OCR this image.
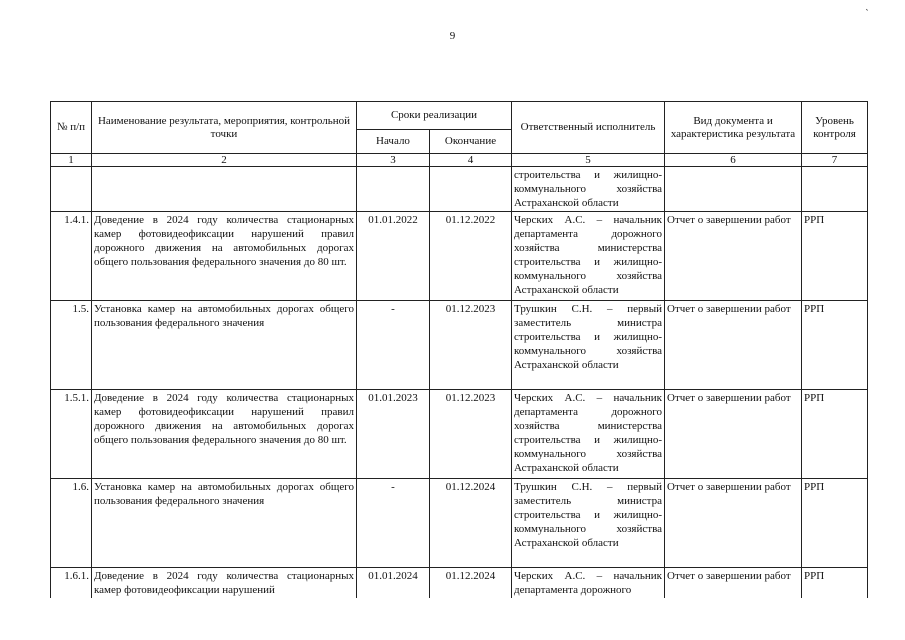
9
`
№ п/п	Наименование результата, мероприятия, контрольной точки	Сроки реализации		Ответственный исполнитель	Вид документа и характеристика результата	Уровень контроля
		Начало	Окончание			
1	2	3	4	5	6	7
				строительства и жилищно-коммунального хозяйства Астраханской области		
1.4.1.	Доведение в 2024 году количества стационарных камер фотовидеофиксации нарушений правил дорожного движения на автомобильных дорогах общего пользования федерального значения до 80 шт.	01.01.2022	01.12.2022	Черских А.С. – начальник департамента дорожного хозяйства министерства строительства и жилищно-коммунального хозяйства Астраханской области	Отчет о завершении работ	РРП
1.5.	Установка камер на автомобильных дорогах общего пользования федерального значения	-	01.12.2023	Трушкин С.Н. – первый заместитель министра строительства и жилищно-коммунального хозяйства Астраханской области	Отчет о завершении работ	РРП
1.5.1.	Доведение в 2024 году количества стационарных камер фотовидеофиксации нарушений правил дорожного движения на автомобильных дорогах общего пользования федерального значения до 80 шт.	01.01.2023	01.12.2023	Черских А.С. – начальник департамента дорожного хозяйства министерства строительства и жилищно-коммунального хозяйства Астраханской области	Отчет о завершении работ	РРП
1.6.	Установка камер на автомобильных дорогах общего пользования федерального значения	-	01.12.2024	Трушкин С.Н. – первый заместитель министра строительства и жилищно-коммунального хозяйства Астраханской области	Отчет о завершении работ	РРП
1.6.1.	Доведение в 2024 году количества стационарных камер фотовидеофиксации нарушений	01.01.2024	01.12.2024	Черских А.С. – начальник департамента дорожного	Отчет о завершении работ	РРП
